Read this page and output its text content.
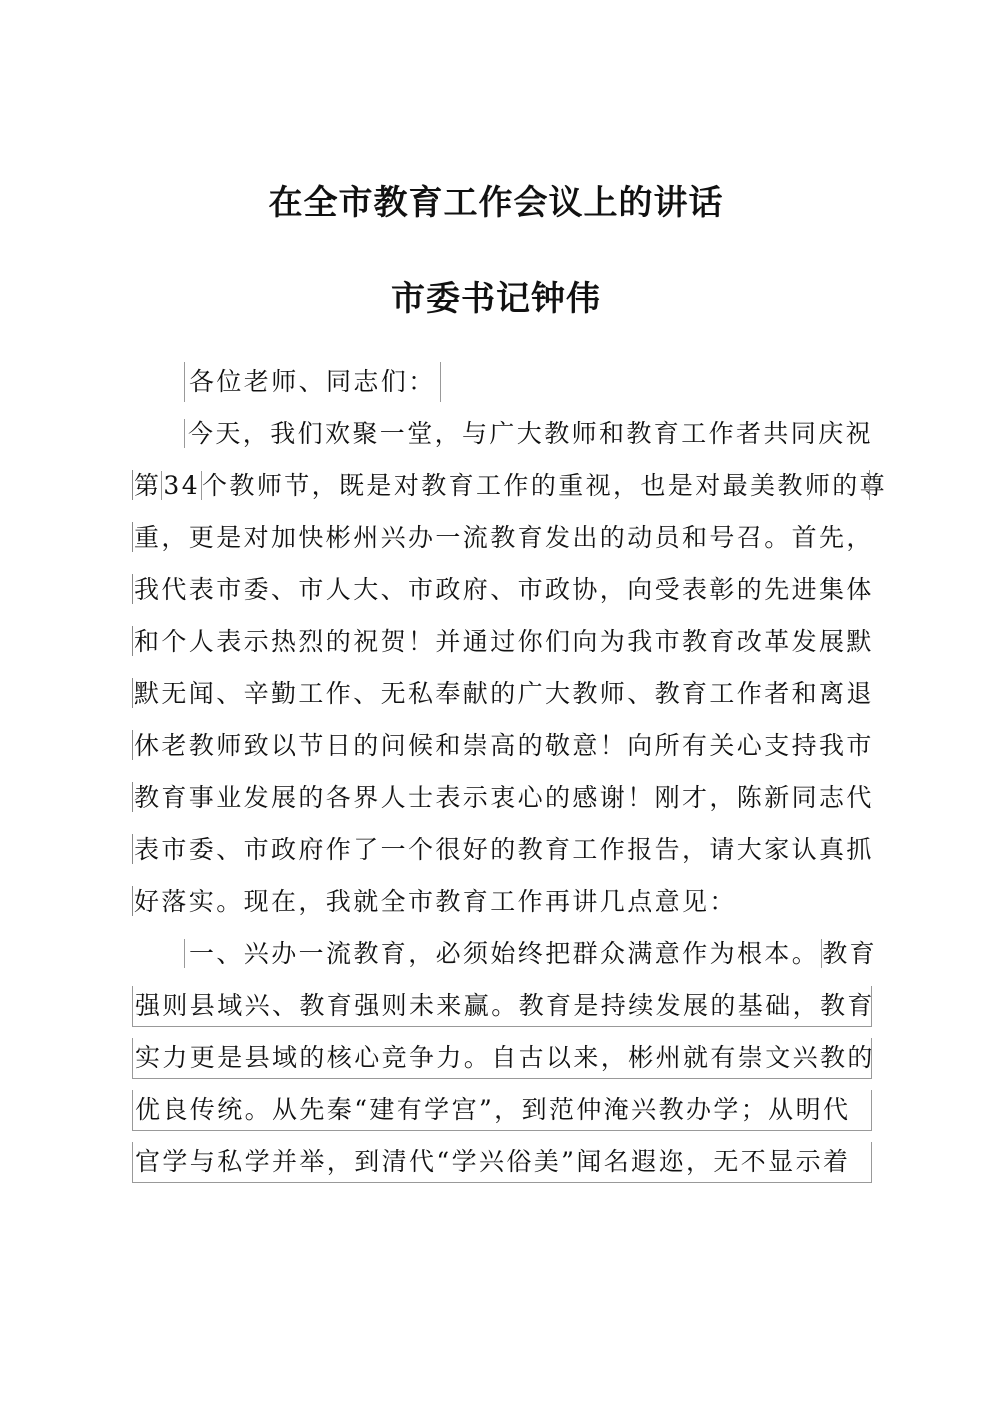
在全市教育工作会议上的讲话
市委书记钟伟
各位老师、同志们：
今天，我们欢聚一堂，与广大教师和教育工作者共同庆祝
第34个教师节，既是对教育工作的重视，也是对最美教师的尊
重，更是对加快彬州兴办一流教育发出的动员和号召。首先，
我代表市委、市人大、市政府、市政协，向受表彰的先进集体
和个人表示热烈的祝贺！并通过你们向为我市教育改革发展默
默无闻、辛勤工作、无私奉献的广大教师、教育工作者和离退
休老教师致以节日的问候和崇高的敬意！向所有关心支持我市
教育事业发展的各界人士表示衷心的感谢！刚才，陈新同志代
表市委、市政府作了一个很好的教育工作报告，请大家认真抓
好落实。现在，我就全市教育工作再讲几点意见：
一、兴办一流教育，必须始终把群众满意作为根本。 教育
强则县域兴、教育强则未来赢。教育是持续发展的基础，教育
实力更是县域的核心竞争力。自古以来，彬州就有崇文兴教的
优良传统。从先秦“建有学宫”，到范仲淹兴教办学；从明代
官学与私学并举，到清代“学兴俗美”闻名遐迩，无不显示着
